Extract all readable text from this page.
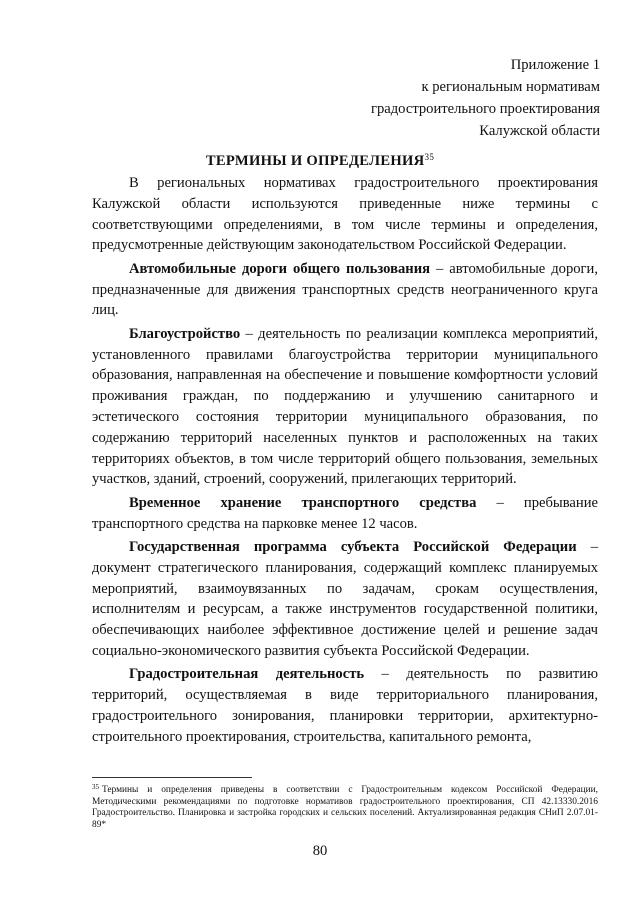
Приложение 1
к региональным нормативам
градостроительного проектирования
Калужской области
ТЕРМИНЫ И ОПРЕДЕЛЕНИЯ$^{35}$

В региональных нормативах градостроительного проектирования Калужской области используются приведенные ниже термины с соответствующими определениями, в том числе термины и определения, предусмотренные действующим законодательством Российской Федерации.

Автомобильные дороги общего пользования – автомобильные дороги, предназначенные для движения транспортных средств неограниченного круга лиц.

Благоустройство – деятельность по реализации комплекса мероприятий, установленного правилами благоустройства территории муниципального образования, направленная на обеспечение и повышение комфортности условий проживания граждан, по поддержанию и улучшению санитарного и эстетического состояния территории муниципального образования, по содержанию территорий населенных пунктов и расположенных на таких территориях объектов, в том числе территорий общего пользования, земельных участков, зданий, строений, сооружений, прилегающих территорий.

Временное хранение транспортного средства – пребывание транспортного средства на парковке менее 12 часов.

Государственная программа субъекта Российской Федерации – документ стратегического планирования, содержащий комплекс планируемых мероприятий, взаимоувязанных по задачам, срокам осуществления, исполнителям и ресурсам, а также инструментов государственной политики, обеспечивающих наиболее эффективное достижение целей и решение задач социально-экономического развития субъекта Российской Федерации.

Градостроительная деятельность – деятельность по развитию территорий, осуществляемая в виде территориального планирования, градостроительного зонирования, планировки территории, архитектурно-строительного проектирования, строительства, капитального ремонта,

$^{35}$ Термины и определения приведены в соответствии с Градостроительным кодексом Российской Федерации, Методическими рекомендациями по подготовке нормативов градостроительного проектирования, СП 42.13330.2016 Градостроительство. Планировка и застройка городских и сельских поселений. Актуализированная редакция СНиП 2.07.01-89*
80
